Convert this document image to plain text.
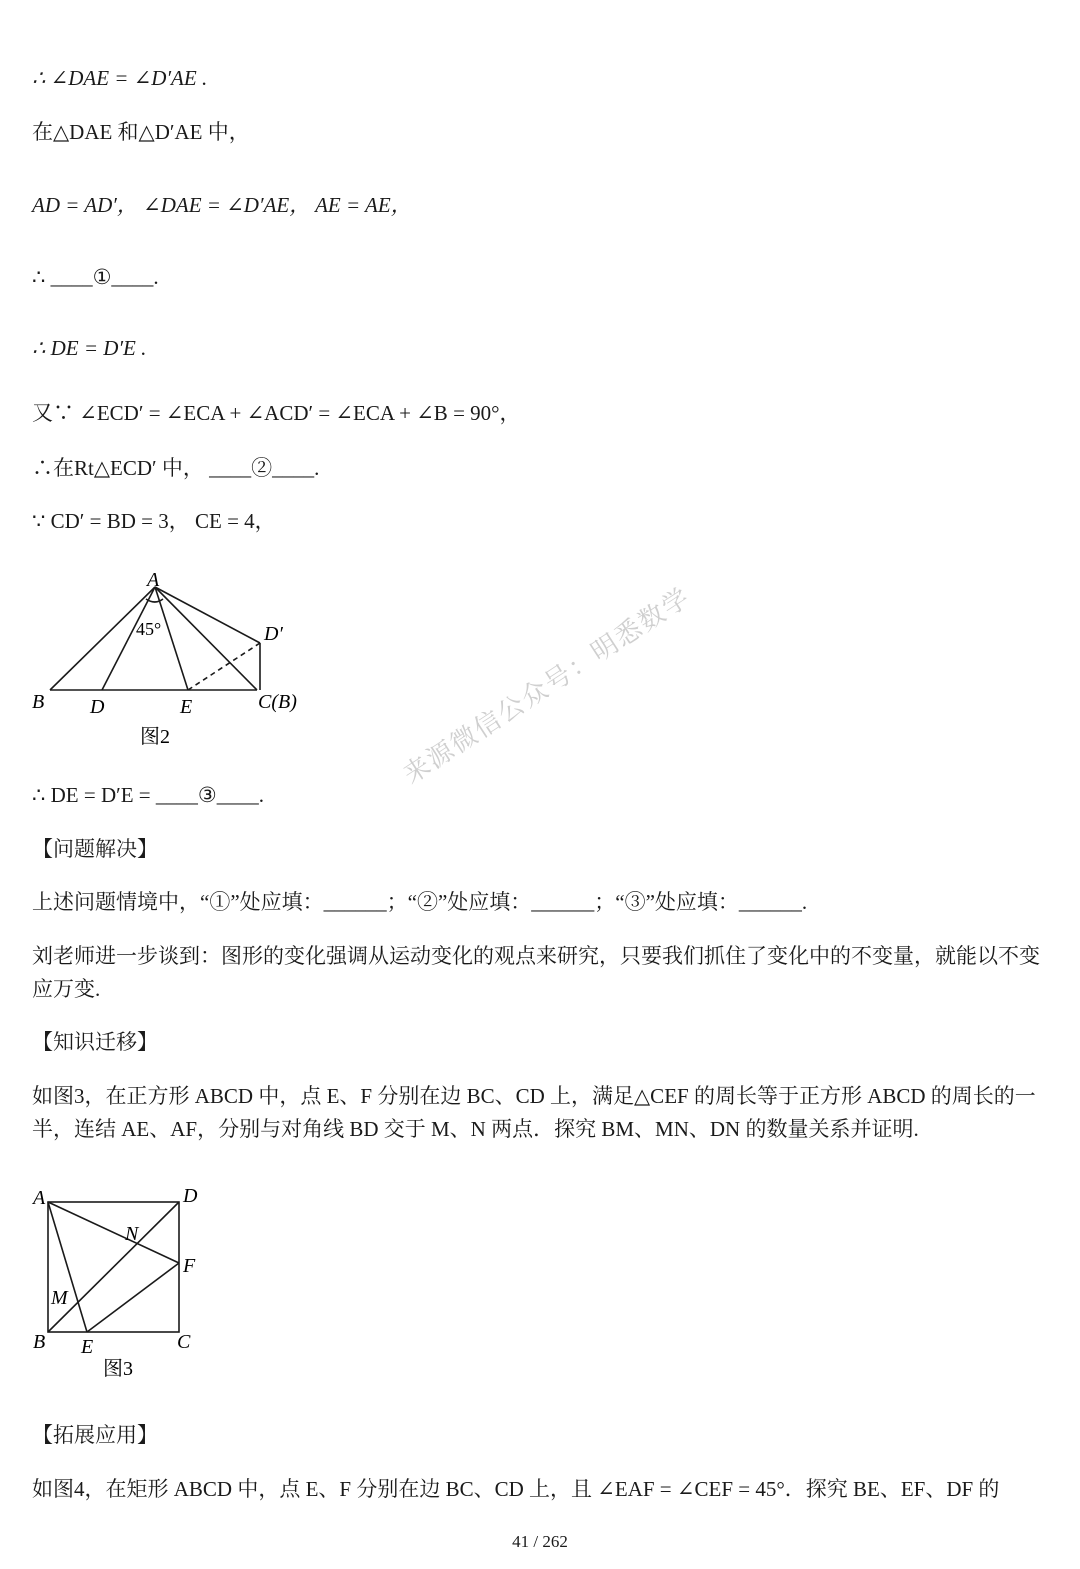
∴ ∠DAE = ∠D′AE .
在△DAE 和△D′AE 中，
AD = AD′， ∠DAE = ∠D′AE， AE = AE，
∴ ____①____.
∴ DE = D′E .
又∵ ∠ECD′ = ∠ECA + ∠ACD′ = ∠ECA + ∠B = 90°，
∴在Rt△ECD′ 中， ____②____.
∵ CD′ = BD = 3， CE = 4，
A
45°	D′
B D	E	C(B)
图2
∴ DE = D′E = ____③____.
【问题解决】
上述问题情境中，“①”处应填：______；“②”处应填：______；“③”处应填：______.
刘老师进一步谈到：图形的变化强调从运动变化的观点来研究，只要我们抓住了变化中的不变量，就能以不变应万变.
【知识迁移】
如图3，在正方形 ABCD 中，点 E、F 分别在边 BC、CD 上，满足△CEF 的周长等于正方形 ABCD 的周长的一半，连结 AE、AF，分别与对角线 BD 交于 M、N 两点．探究 BM、MN、DN 的数量关系并证明.
A	D
N
F
M
B E	C
图3
【拓展应用】
如图4，在矩形 ABCD 中，点 E、F 分别在边 BC、CD 上，且 ∠EAF = ∠CEF = 45°．探究 BE、EF、DF 的
来源微信公众号：明悉数学
41 / 262
